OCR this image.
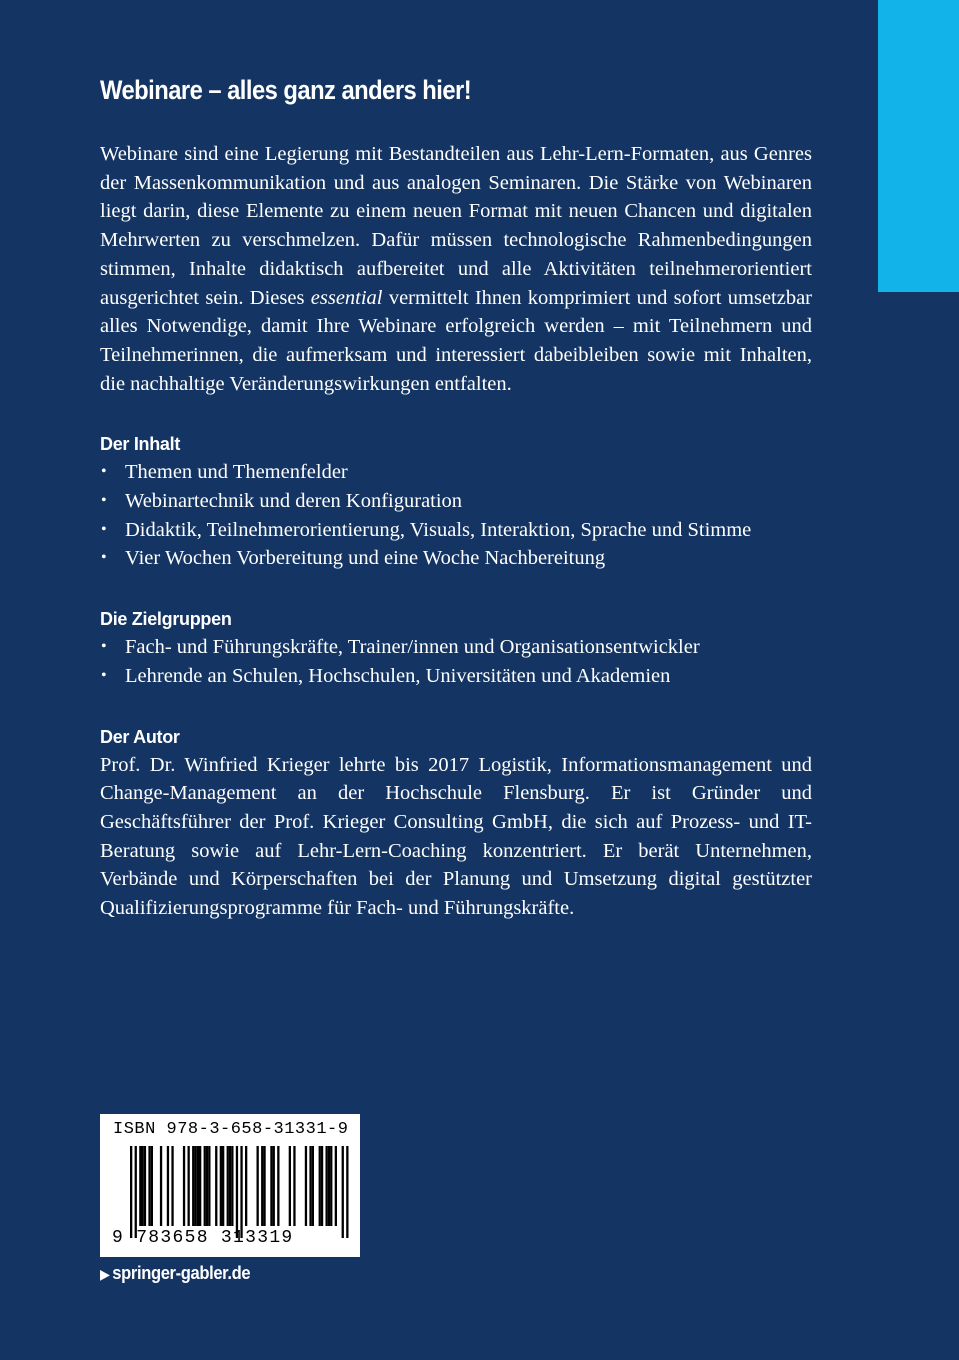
Webinare – alles ganz anders hier!

Webinare sind eine Legierung mit Bestandteilen aus Lehr-Lern-Formaten, aus Genres der Massenkommunikation und aus analogen Seminaren. Die Stärke von Webinaren liegt darin, diese Elemente zu einem neuen Format mit neuen Chancen und digitalen Mehrwerten zu verschmelzen. Dafür müssen technologische Rahmenbedingungen stimmen, Inhalte didaktisch aufbereitet und alle Aktivitäten teilnehmerorientiert ausgerichtet sein. Dieses essential vermittelt Ihnen komprimiert und sofort umsetzbar alles Notwendige, damit Ihre Webinare erfolgreich werden – mit Teilnehmern und Teilnehmerinnen, die aufmerksam und interessiert dabeibleiben sowie mit Inhalten, die nachhaltige Veränderungswirkungen entfalten.

Der Inhalt
• Themen und Themenfelder
• Webinartechnik und deren Konfiguration
• Didaktik, Teilnehmerorientierung, Visuals, Interaktion, Sprache und Stimme
• Vier Wochen Vorbereitung und eine Woche Nachbereitung
Die Zielgruppen
• Fach- und Führungskräfte, Trainer/innen und Organisationsentwickler
• Lehrende an Schulen, Hochschulen, Universitäten und Akademien
Der Autor

Prof. Dr. Winfried Krieger lehrte bis 2017 Logistik, Informationsmanagement und Change-Management an der Hochschule Flensburg. Er ist Gründer und Geschäftsführer der Prof. Krieger Consulting GmbH, die sich auf Prozess- und IT-Beratung sowie auf Lehr-Lern-Coaching konzentriert. Er berät Unternehmen, Verbände und Körperschaften bei der Planung und Umsetzung digital gestützter Qualifizierungsprogramme für Fach- und Führungskräfte.

ISBN 978-3-658-31331-9
9 783658 313319
▶ springer-gabler.de
